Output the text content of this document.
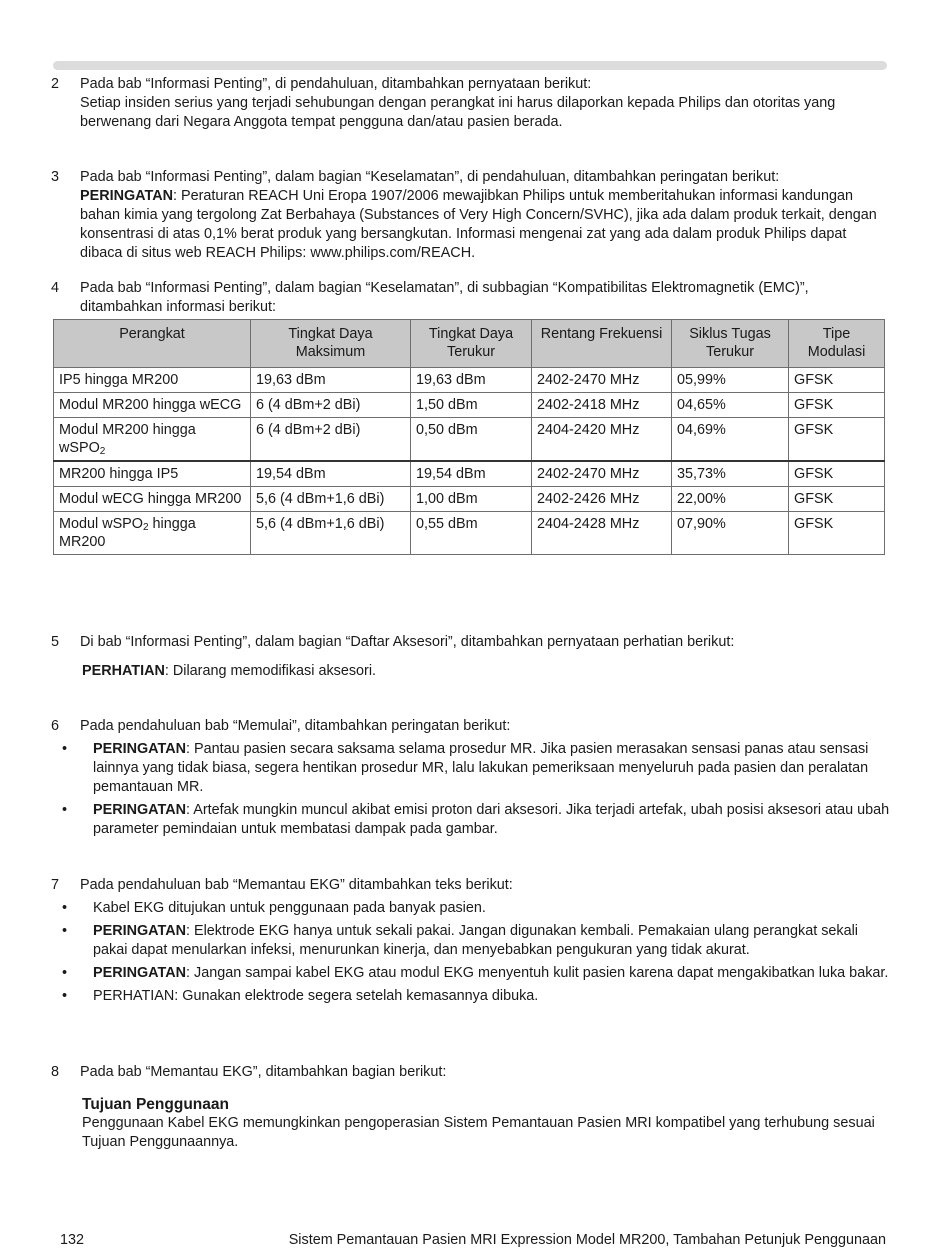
2 Pada bab “Informasi Penting”, di pendahuluan, ditambahkan pernyataan berikut:

Setiap insiden serius yang terjadi sehubungan dengan perangkat ini harus dilaporkan kepada Philips dan otoritas yang berwenang dari Negara Anggota tempat pengguna dan/atau pasien berada.

3 Pada bab “Informasi Penting”, dalam bagian “Keselamatan”, di pendahuluan, ditambahkan peringatan berikut:

PERINGATAN: Peraturan REACH Uni Eropa 1907/2006 mewajibkan Philips untuk memberitahukan informasi kandungan bahan kimia yang tergolong Zat Berbahaya (Substances of Very High Concern/SVHC), jika ada dalam produk terkait, dengan konsentrasi di atas 0,1% berat produk yang bersangkutan. Informasi mengenai zat yang ada dalam produk Philips dapat dibaca di situs web REACH Philips: www.philips.com/REACH.

4 Pada bab “Informasi Penting”, dalam bagian “Keselamatan”, di subbagian “Kompatibilitas Elektromagnetik (EMC)”, ditambahkan informasi berikut:

Perangkat	Tingkat Daya Maksimum	Tingkat Daya Terukur	Rentang Frekuensi	Siklus Tugas Terukur	Tipe Modulasi
IP5 hingga MR200	19,63 dBm	19,63 dBm	2402-2470 MHz	05,99%	GFSK
Modul MR200 hingga wECG	6 (4 dBm+2 dBi)	1,50 dBm	2402-2418 MHz	04,65%	GFSK
Modul MR200 hingga wSPO$_2$	6 (4 dBm+2 dBi)	0,50 dBm	2404-2420 MHz	04,69%	GFSK
MR200 hingga IP5	19,54 dBm	19,54 dBm	2402-2470 MHz	35,73%	GFSK
Modul wECG hingga MR200	5,6 (4 dBm+1,6 dBi)	1,00 dBm	2402-2426 MHz	22,00%	GFSK
Modul wSPO$_2$ hingga MR200	5,6 (4 dBm+1,6 dBi)	0,55 dBm	2404-2428 MHz	07,90%	GFSK
5 Di bab “Informasi Penting”, dalam bagian “Daftar Aksesori”, ditambahkan pernyataan perhatian berikut:

PERHATIAN: Dilarang memodifikasi aksesori.

6 Pada pendahuluan bab “Memulai”, ditambahkan peringatan berikut:

• PERINGATAN: Pantau pasien secara saksama selama prosedur MR. Jika pasien merasakan sensasi panas atau sensasi lainnya yang tidak biasa, segera hentikan prosedur MR, lalu lakukan pemeriksaan menyeluruh pada pasien dan peralatan pemantauan MR.
• PERINGATAN: Artefak mungkin muncul akibat emisi proton dari aksesori. Jika terjadi artefak, ubah posisi aksesori atau ubah parameter pemindaian untuk membatasi dampak pada gambar.
7 Pada pendahuluan bab “Memantau EKG” ditambahkan teks berikut:

• Kabel EKG ditujukan untuk penggunaan pada banyak pasien.
• PERINGATAN: Elektrode EKG hanya untuk sekali pakai. Jangan digunakan kembali. Pemakaian ulang perangkat sekali pakai dapat menularkan infeksi, menurunkan kinerja, dan menyebabkan pengukuran yang tidak akurat.
• PERINGATAN: Jangan sampai kabel EKG atau modul EKG menyentuh kulit pasien karena dapat mengakibatkan luka bakar.
• PERHATIAN: Gunakan elektrode segera setelah kemasannya dibuka.
8 Pada bab “Memantau EKG”, ditambahkan bagian berikut:

Tujuan Penggunaan

Penggunaan Kabel EKG memungkinkan pengoperasian Sistem Pemantauan Pasien MRI kompatibel yang terhubung sesuai Tujuan Penggunaannya.

132	Sistem Pemantauan Pasien MRI Expression Model MR200, Tambahan Petunjuk Penggunaan
